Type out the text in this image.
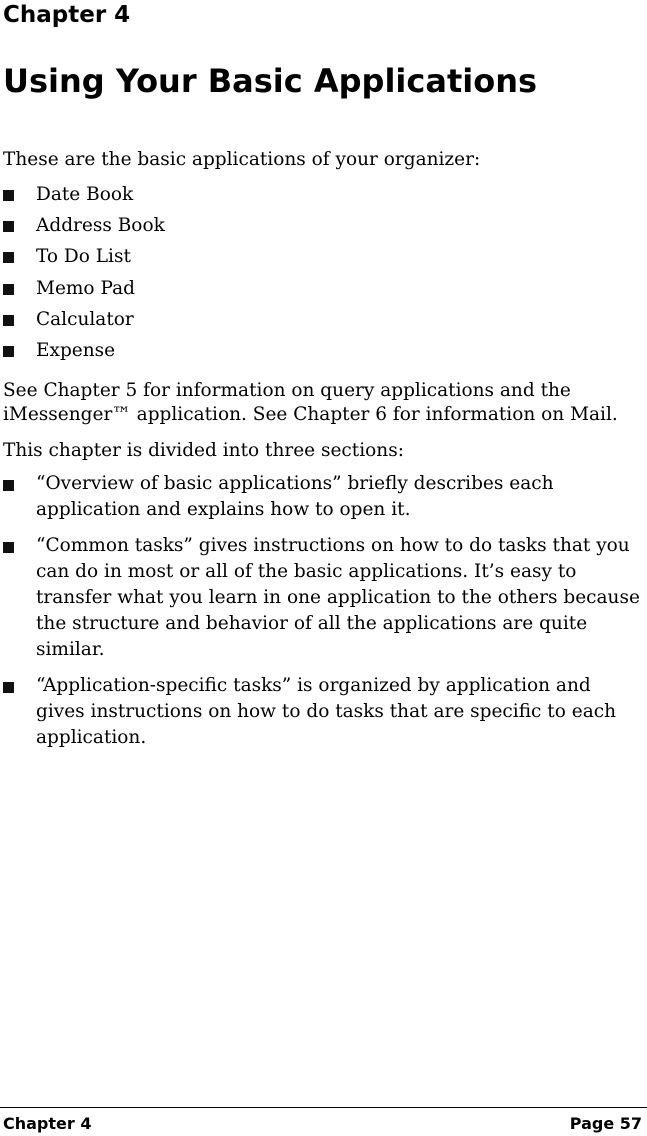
Chapter 4
Using Your Basic Applications

These are the basic applications of your organizer:

Date Book
Address Book
To Do List
Memo Pad
Calculator
Expense

See Chapter 5 for information on query applications and the iMessenger™ application. See Chapter 6 for information on Mail.

This chapter is divided into three sections:

“Overview of basic applications” briefly describes each application and explains how to open it.
“Common tasks” gives instructions on how to do tasks that you can do in most or all of the basic applications. It’s easy to transfer what you learn in one application to the others because the structure and behavior of all the applications are quite similar.
“Application-specific tasks” is organized by application and gives instructions on how to do tasks that are specific to each application.
Chapter 4	Page 57
